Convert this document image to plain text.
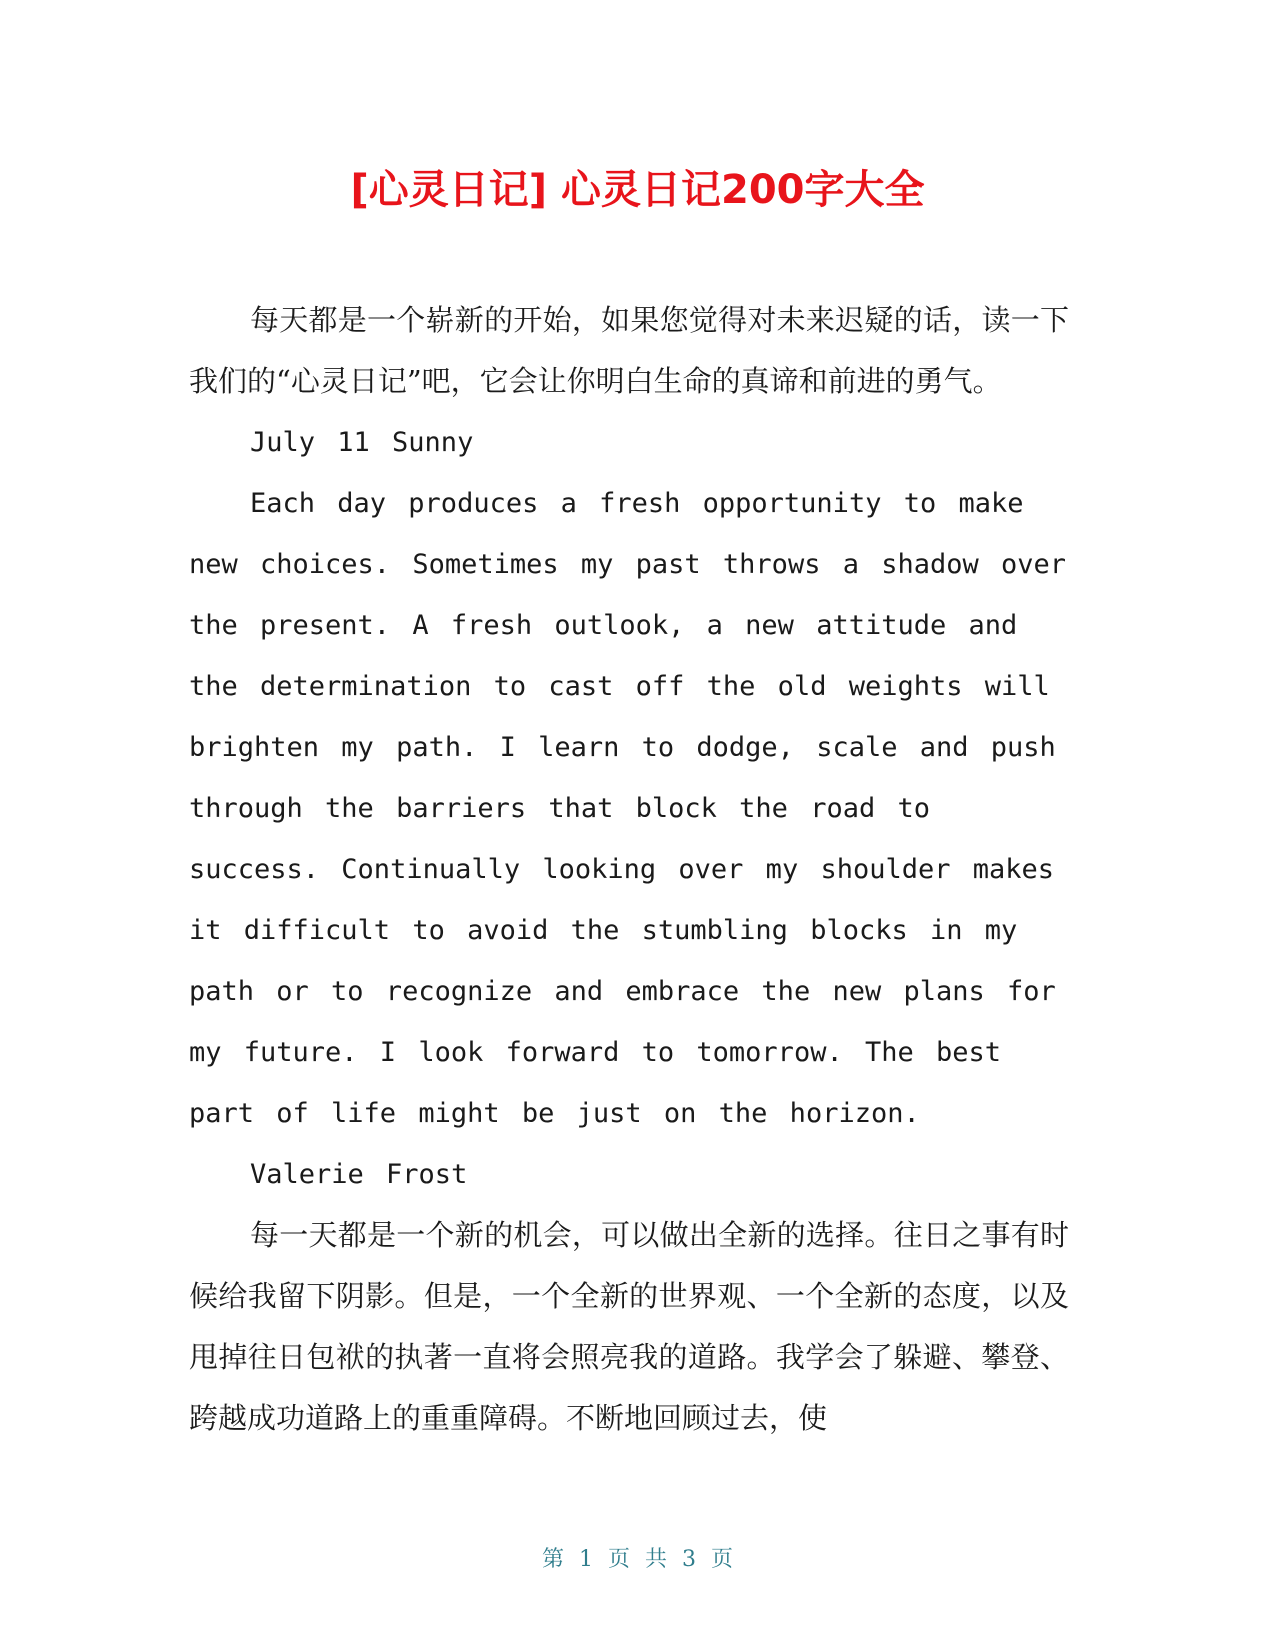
[心灵日记] 心灵日记200字大全

每天都是一个崭新的开始，如果您觉得对未来迟疑的话，读一下我们的“心灵日记”吧，它会让你明白生命的真谛和前进的勇气。

July 11 Sunny

Each day produces a fresh opportunity to make new choices. Sometimes my past throws a shadow over the present. A fresh outlook, a new attitude and the determination to cast off the old weights will brighten my path. I learn to dodge, scale and push through the barriers that block the road to success. Continually looking over my shoulder makes it difficult to avoid the stumbling blocks in my path or to recognize and embrace the new plans for my future. I look forward to tomorrow. The best part of life might be just on the horizon.

Valerie Frost

每一天都是一个新的机会，可以做出全新的选择。往日之事有时候给我留下阴影。但是，一个全新的世界观、一个全新的态度，以及甩掉往日包袱的执著一直将会照亮我的道路。我学会了躲避、攀登、跨越成功道路上的重重障碍。不断地回顾过去，使

第 1 页 共 3 页
